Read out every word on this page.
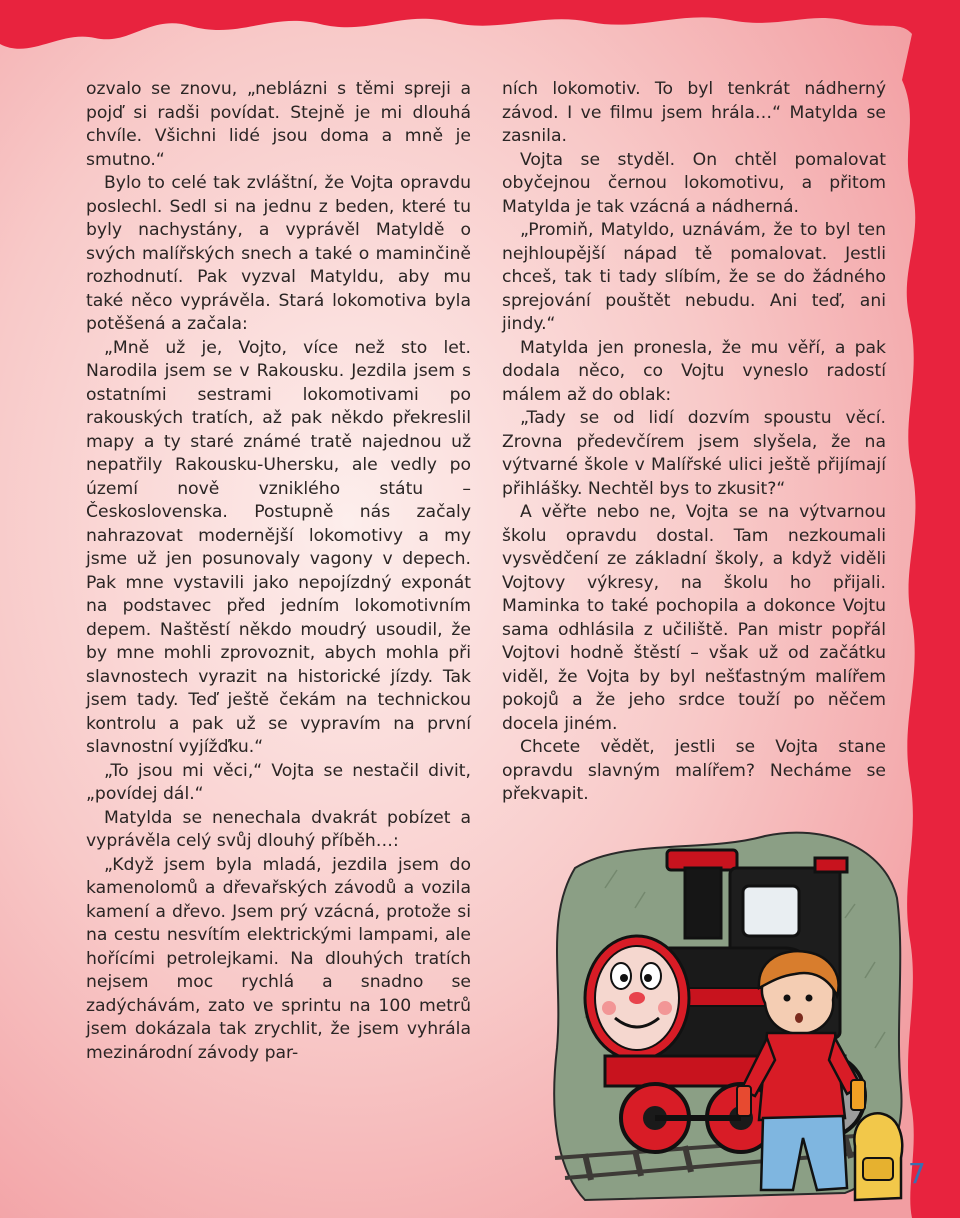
ozvalo se znovu, „neblázni s těmi spreji a pojď si radši povídat. Stejně je mi dlouhá chvíle. Všichni lidé jsou doma a mně je smutno.“

Bylo to celé tak zvláštní, že Vojta opravdu poslechl. Sedl si na jednu z beden, které tu byly nachystány, a vyprávěl Matyldě o svých malířských snech a také o maminčině rozhodnutí. Pak vyzval Matyldu, aby mu také něco vyprávěla. Stará lokomotiva byla potěšená a začala:

„Mně už je, Vojto, více než sto let. Narodila jsem se v Rakousku. Jezdila jsem s ostatními sestrami lokomotivami po rakouských tratích, až pak někdo překreslil mapy a ty staré známé tratě najednou už nepatřily Rakousku-Uhersku, ale vedly po území nově vzniklého státu – Československa. Postupně nás začaly nahrazovat modernější lokomotivy a my jsme už jen posunovaly vagony v depech. Pak mne vystavili jako nepojízdný exponát na podstavec před jedním lokomotivním depem. Naštěstí někdo moudrý usoudil, že by mne mohli zprovoznit, abych mohla při slavnostech vyrazit na historické jízdy. Tak jsem tady. Teď ještě čekám na technickou kontrolu a pak už se vypravím na první slavnostní vyjížďku.“

„To jsou mi věci,“ Vojta se nestačil divit, „povídej dál.“

Matylda se nenechala dvakrát pobízet a vyprávěla celý svůj dlouhý příběh…:

„Když jsem byla mladá, jezdila jsem do kamenolomů a dřevařských závodů a vozila kamení a dřevo. Jsem prý vzácná, protože si na cestu nesvítím elektrickými lampami, ale hořícími petrolejkami. Na dlouhých tratích nejsem moc rychlá a snadno se zadýchávám, zato ve sprintu na 100 metrů jsem dokázala tak zrychlit, že jsem vyhrála mezinárodní závody par-

ních lokomotiv. To byl tenkrát nádherný závod. I ve filmu jsem hrála…“ Matylda se zasnila.

Vojta se styděl. On chtěl pomalovat obyčejnou černou lokomotivu, a přitom Matylda je tak vzácná a nádherná.

„Promiň, Matyldo, uznávám, že to byl ten nejhloupější nápad tě pomalovat. Jestli chceš, tak ti tady slíbím, že se do žádného sprejování pouštět nebudu. Ani teď, ani jindy.“

Matylda jen pronesla, že mu věří, a pak dodala něco, co Vojtu vyneslo radostí málem až do oblak:

„Tady se od lidí dozvím spoustu věcí. Zrovna předevčírem jsem slyšela, že na výtvarné škole v Malířské ulici ještě přijímají přihlášky. Nechtěl bys to zkusit?“

A věřte nebo ne, Vojta se na výtvarnou školu opravdu dostal. Tam nezkoumali vysvědčení ze základní školy, a když viděli Vojtovy výkresy, na školu ho přijali. Maminka to také pochopila a dokonce Vojtu sama odhlásila z učiliště. Pan mistr popřál Vojtovi hodně štěstí – však už od začátku viděl, že Vojta by byl nešťastným malířem pokojů a že jeho srdce touží po něčem docela jiném.

Chcete vědět, jestli se Vojta stane opravdu slavným malířem? Necháme se překvapit.

7
